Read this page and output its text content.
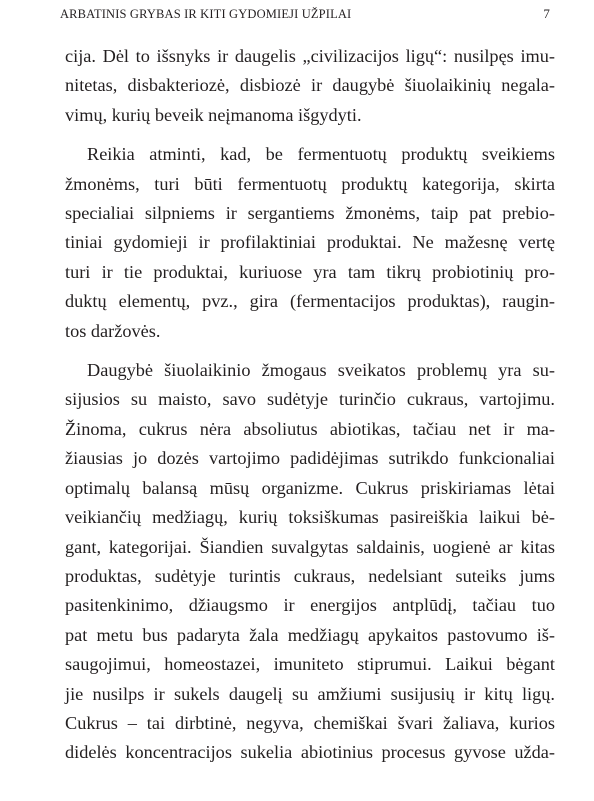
ARBATINIS GRYBAS IR KITI GYDOMIEJI UŽPILAI	7
cija. Dėl to išsnyks ir daugelis „civilizacijos ligų“: nusilpęs imu-
nitetas, disbakteriozė, disbiozė ir daugybė šiuolaikinių negala-
vimų, kurių beveik neįmanoma išgydyti.
Reikia atminti, kad, be fermentuotų produktų sveikiems
žmonėms, turi būti fermentuotų produktų kategorija, skirta
specialiai silpniems ir sergantiems žmonėms, taip pat prebio-
tiniai gydomieji ir profilaktiniai produktai. Ne mažesnę vertę
turi ir tie produktai, kuriuose yra tam tikrų probiotinių pro-
duktų elementų, pvz., gira (fermentacijos produktas), raugin-
tos daržovės.
Daugybė šiuolaikinio žmogaus sveikatos problemų yra su-
sijusios su maisto, savo sudėtyje turinčio cukraus, vartojimu.
Žinoma, cukrus nėra absoliutus abiotikas, tačiau net ir ma-
žiausias jo dozės vartojimo padidėjimas sutrikdo funkcionaliai
optimalų balansą mūsų organizme. Cukrus priskiriamas lėtai
veikiančių medžiagų, kurių toksiškumas pasireiškia laikui bė-
gant, kategorijai. Šiandien suvalgytas saldainis, uogienė ar kitas
produktas, sudėtyje turintis cukraus, nedelsiant suteiks jums
pasitenkinimo, džiaugsmo ir energijos antplūdį, tačiau tuo
pat metu bus padaryta žala medžiagų apykaitos pastovumo iš-
saugojimui, homeostazei, imuniteto stiprumui. Laikui bėgant
jie nusilps ir sukels daugelį su amžiumi susijusių ir kitų ligų.
Cukrus – tai dirbtinė, negyva, chemiškai švari žaliava, kurios
didelės koncentracijos sukelia abiotinius procesus gyvose užda-
